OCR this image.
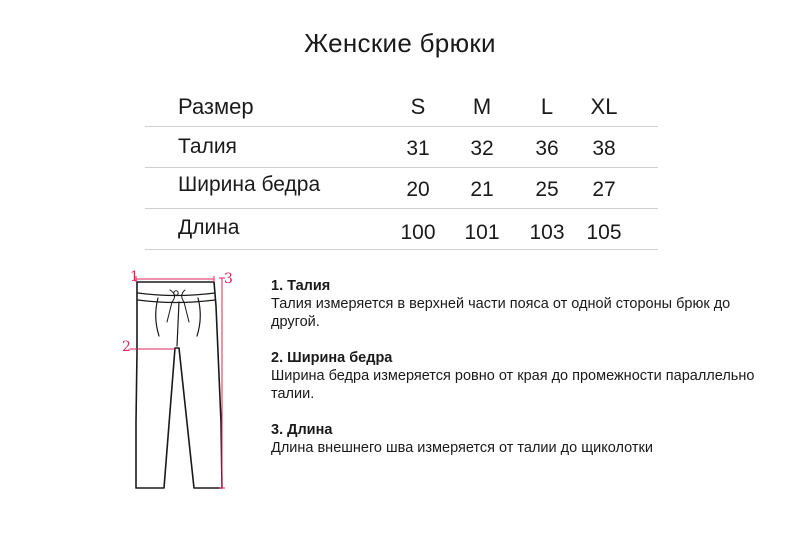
Женские брюки
Размер	S	M	L	XL
Талия	31	32	36	38
Ширина бедра	20	21	25	27
Длина	100	101	103	105
1
2
3	1. Талия
Талия измеряется в верхней части пояса от одной стороны брюк до другой.
2. Ширина бедра
Ширина бедра измеряется ровно от края до промежности параллельно талии.
3. Длина
Длина внешнего шва измеряется от талии до щиколотки
